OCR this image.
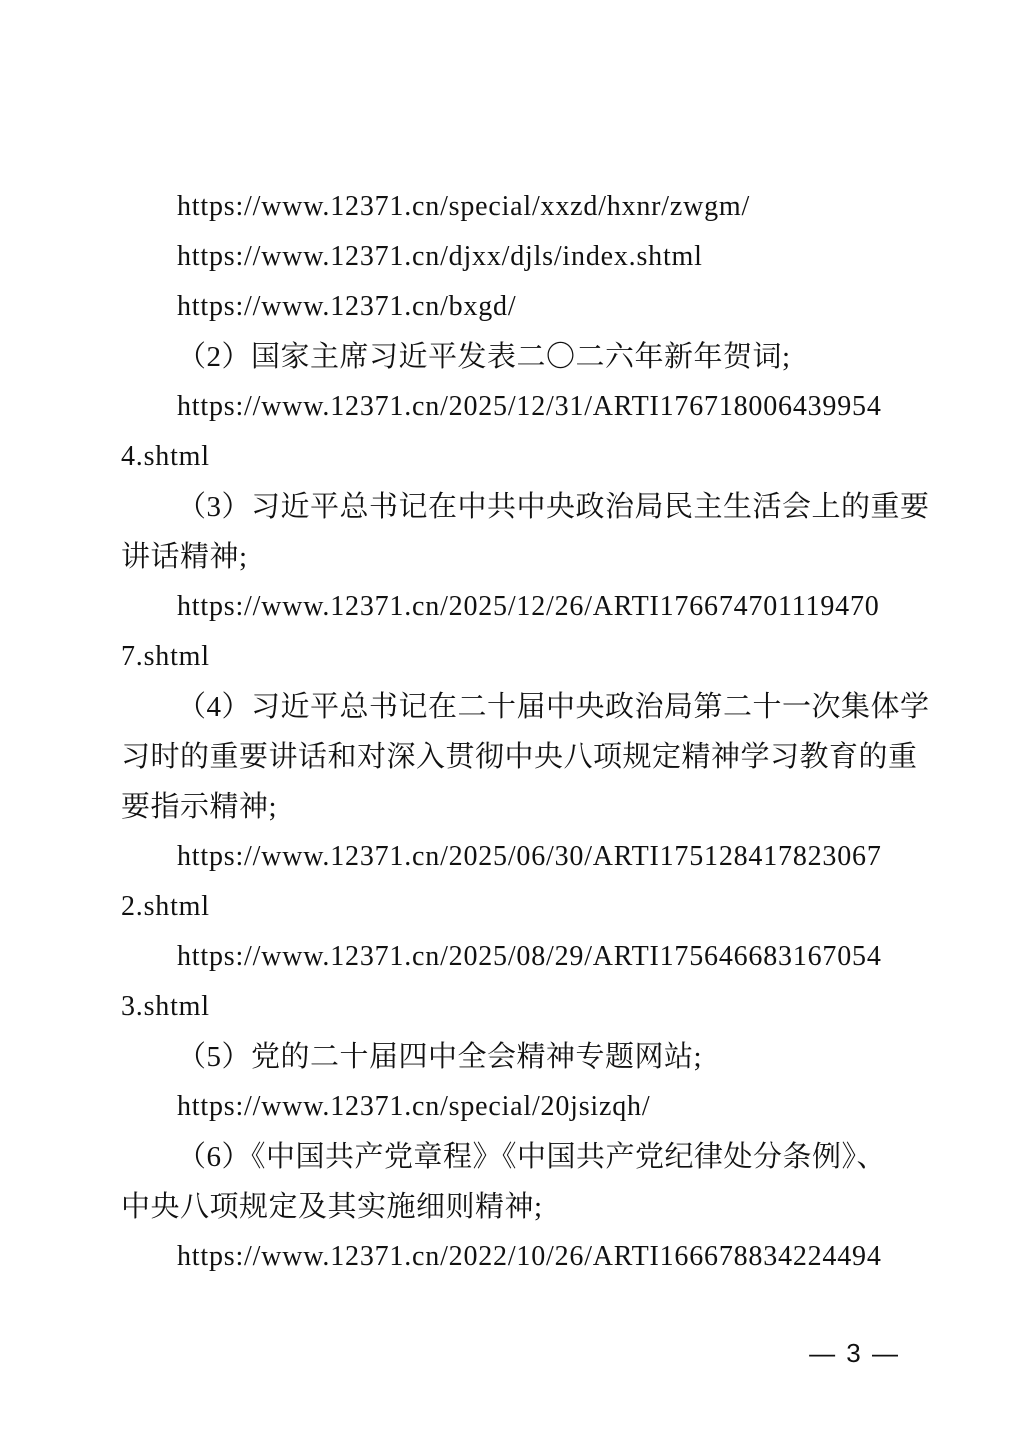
https://www.12371.cn/special/xxzd/hxnr/zwgm/
https://www.12371.cn/djxx/djls/index.shtml
https://www.12371.cn/bxgd/
（2）国家主席习近平发表二〇二六年新年贺词;
https://www.12371.cn/2025/12/31/ARTI176718006439954
4.shtml
（3）习近平总书记在中共中央政治局民主生活会上的重要
讲话精神;
https://www.12371.cn/2025/12/26/ARTI176674701119470
7.shtml
（4）习近平总书记在二十届中央政治局第二十一次集体学
习时的重要讲话和对深入贯彻中央八项规定精神学习教育的重
要指示精神;
https://www.12371.cn/2025/06/30/ARTI175128417823067
2.shtml
https://www.12371.cn/2025/08/29/ARTI175646683167054
3.shtml
（5）党的二十届四中全会精神专题网站;
https://www.12371.cn/special/20jsizqh/
（6）《中国共产党章程》《中国共产党纪律处分条例》、
中央八项规定及其实施细则精神;
https://www.12371.cn/2022/10/26/ARTI166678834224494
— 3 —
